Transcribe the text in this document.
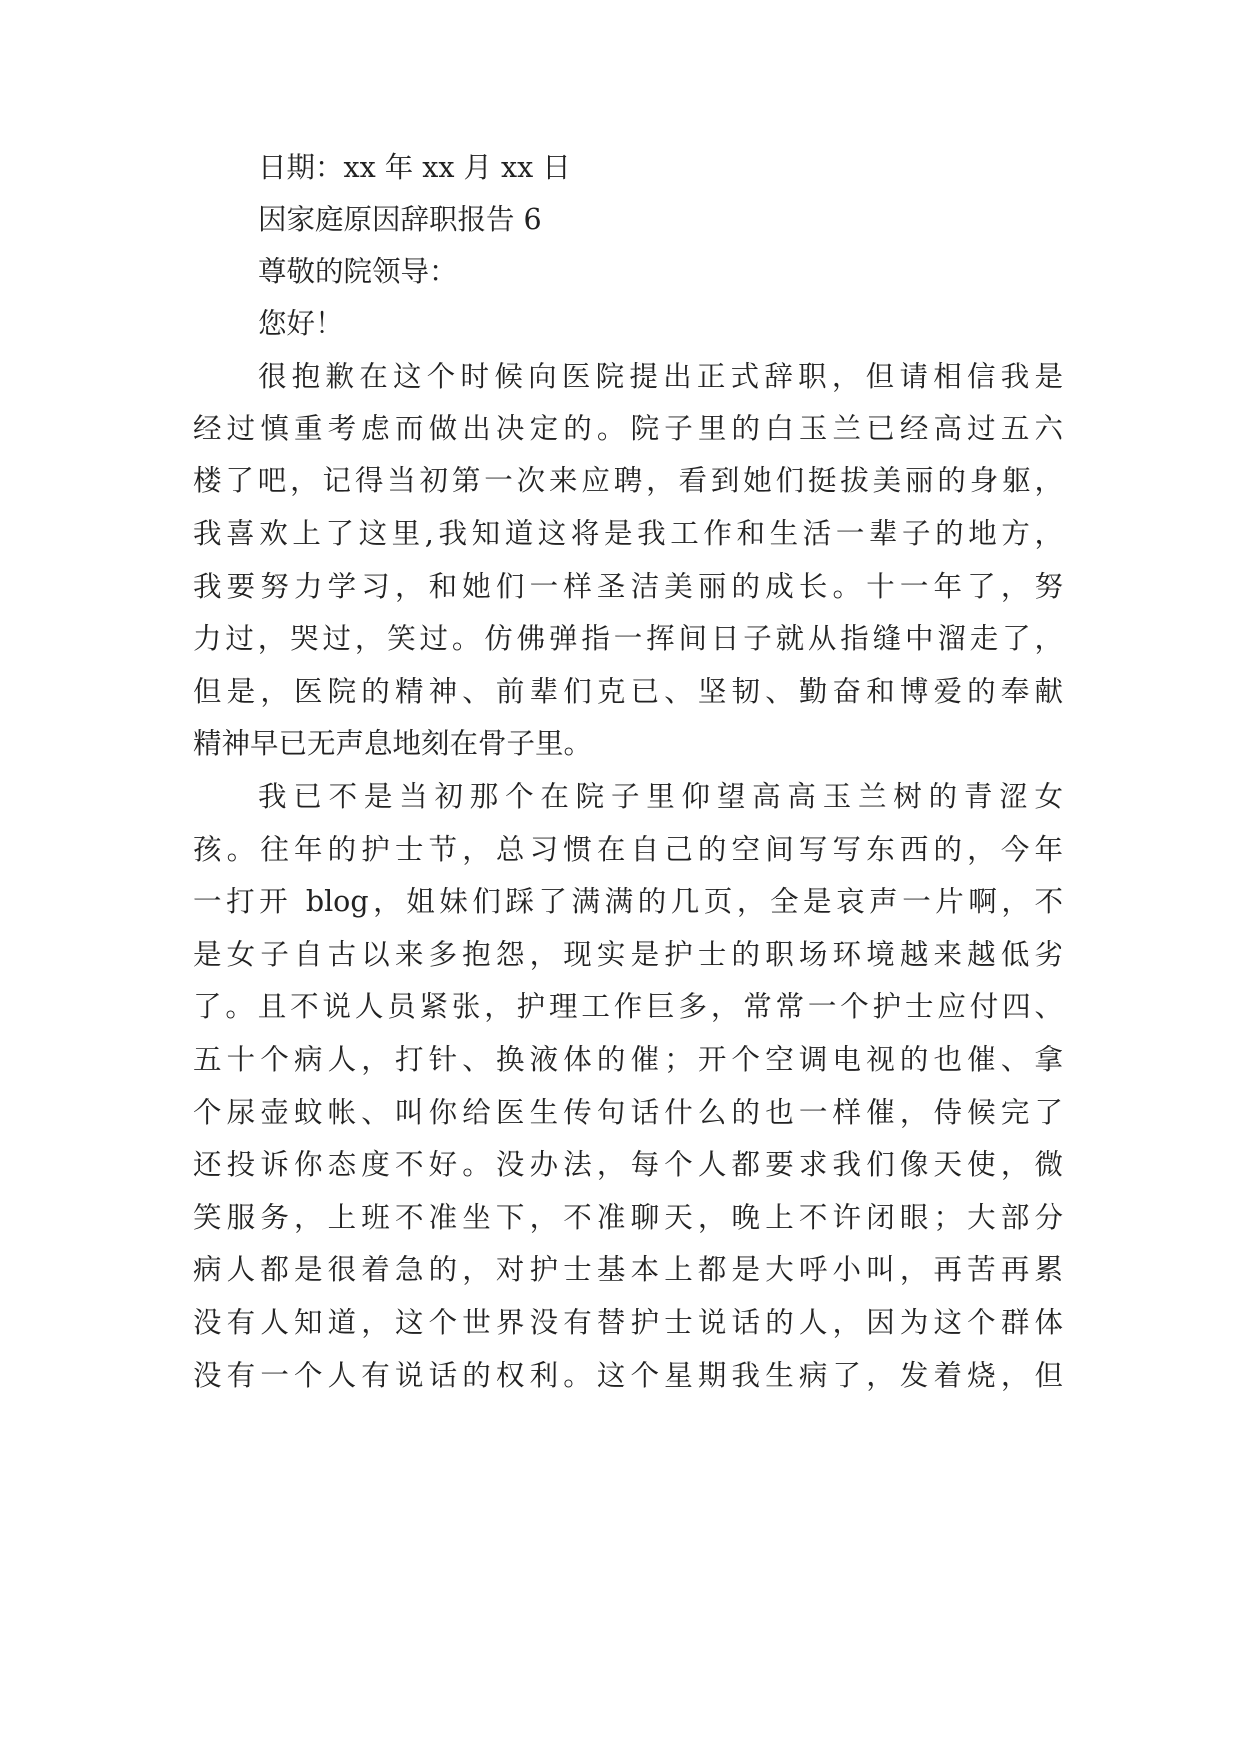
日期：xx 年 xx 月 xx 日
因家庭原因辞职报告 6
尊敬的院领导：
您好！
很抱歉在这个时候向医院提出正式辞职，但请相信我是
经过慎重考虑而做出决定的。院子里的白玉兰已经高过五六
楼了吧，记得当初第一次来应聘，看到她们挺拔美丽的身躯，
我喜欢上了这里,我知道这将是我工作和生活一辈子的地方，
我要努力学习，和她们一样圣洁美丽的成长。十一年了，努
力过，哭过，笑过。仿佛弹指一挥间日子就从指缝中溜走了，
但是，医院的精神、前辈们克已、坚韧、勤奋和博爱的奉献
精神早已无声息地刻在骨子里。
我已不是当初那个在院子里仰望高高玉兰树的青涩女
孩。往年的护士节，总习惯在自己的空间写写东西的，今年
一打开 blog，姐妹们踩了满满的几页，全是哀声一片啊，不
是女子自古以来多抱怨，现实是护士的职场环境越来越低劣
了。且不说人员紧张，护理工作巨多，常常一个护士应付四、
五十个病人，打针、换液体的催；开个空调电视的也催、拿
个尿壶蚊帐、叫你给医生传句话什么的也一样催，侍候完了
还投诉你态度不好。没办法，每个人都要求我们像天使，微
笑服务，上班不准坐下，不准聊天，晚上不许闭眼；大部分
病人都是很着急的，对护士基本上都是大呼小叫，再苦再累
没有人知道，这个世界没有替护士说话的人，因为这个群体
没有一个人有说话的权利。这个星期我生病了，发着烧，但
